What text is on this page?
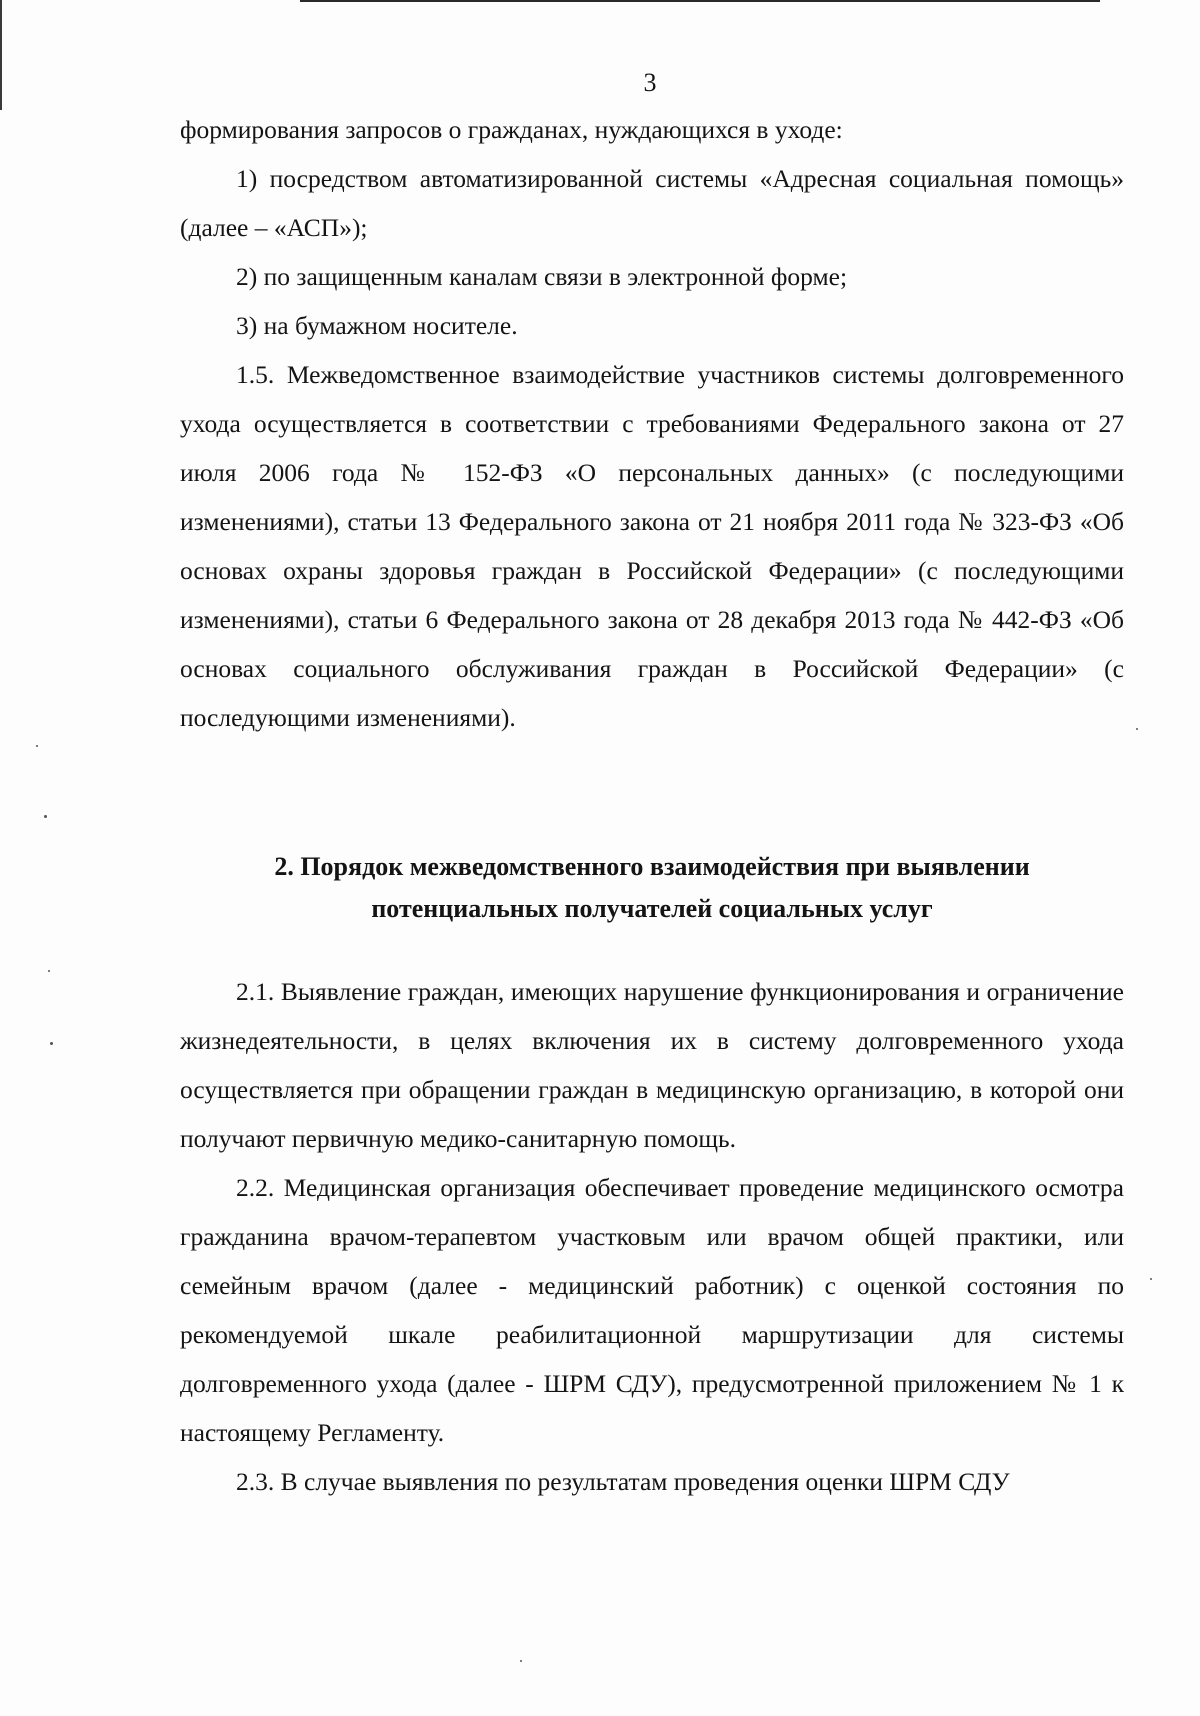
3

формирования запросов о гражданах, нуждающихся в уходе:

1) посредством автоматизированной системы «Адресная социальная помощь» (далее – «АСП»);

2) по защищенным каналам связи в электронной форме;

3) на бумажном носителе.

1.5. Межведомственное взаимодействие участников системы долговременного ухода осуществляется в соответствии с требованиями Федерального закона от 27 июля 2006 года № 152-ФЗ «О персональных данных» (с последующими изменениями), статьи 13 Федерального закона от 21 ноября 2011 года № 323-ФЗ «Об основах охраны здоровья граждан в Российской Федерации» (с последующими изменениями), статьи 6 Федерального закона от 28 декабря 2013 года № 442-ФЗ «Об основах социального обслуживания граждан в Российской Федерации» (с последующими изменениями).

2. Порядок межведомственного взаимодействия при выявлении
потенциальных получателей социальных услуг

2.1. Выявление граждан, имеющих нарушение функционирования и ограничение жизнедеятельности, в целях включения их в систему долговременного ухода осуществляется при обращении граждан в медицинскую организацию, в которой они получают первичную медико-санитарную помощь.

2.2. Медицинская организация обеспечивает проведение медицинского осмотра гражданина врачом-терапевтом участковым или врачом общей практики, или семейным врачом (далее - медицинский работник) с оценкой состояния по рекомендуемой шкале реабилитационной маршрутизации для системы долговременного ухода (далее - ШРМ СДУ), предусмотренной приложением № 1 к настоящему Регламенту.

2.3. В случае выявления по результатам проведения оценки ШРМ СДУ
